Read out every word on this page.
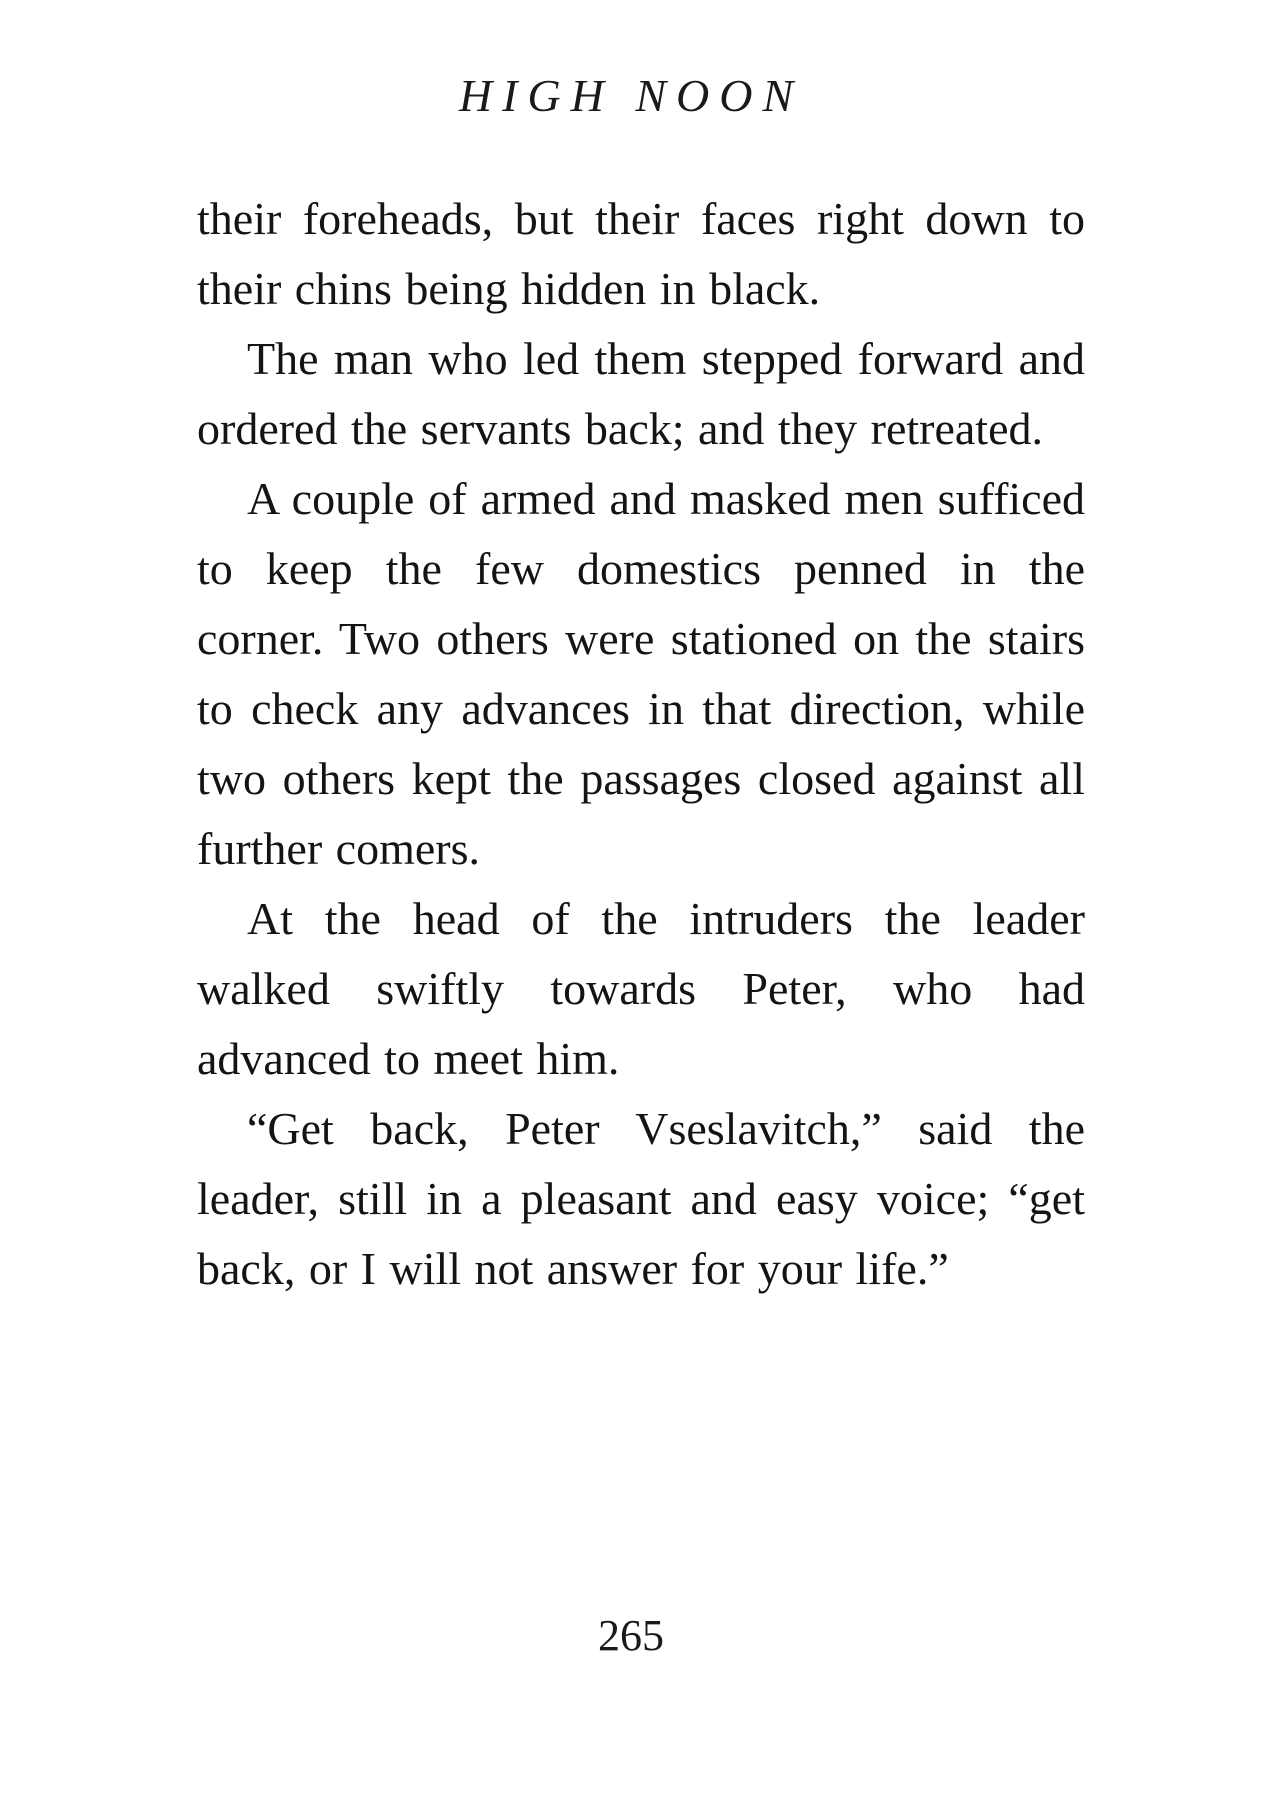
HIGH NOON

their foreheads, but their faces right down to their chins being hidden in black.

The man who led them stepped forward and ordered the servants back; and they retreated.

A couple of armed and masked men sufficed to keep the few domestics penned in the corner. Two others were stationed on the stairs to check any advances in that direction, while two others kept the passages closed against all further comers.

At the head of the intruders the leader walked swiftly towards Peter, who had advanced to meet him.

“Get back, Peter Vseslavitch,” said the leader, still in a pleasant and easy voice; “get back, or I will not answer for your life.”

265
